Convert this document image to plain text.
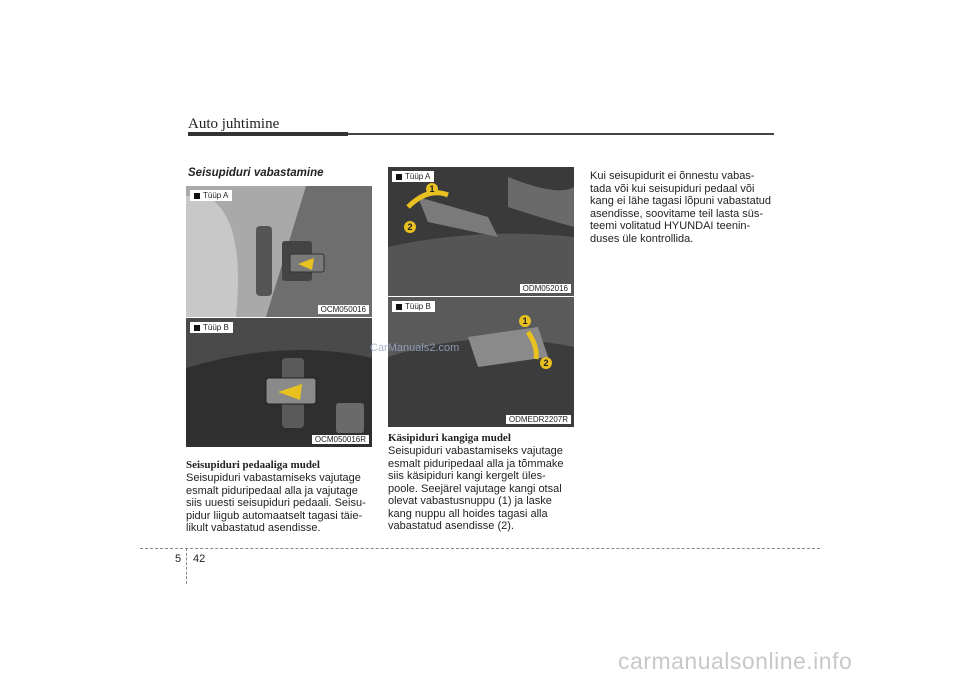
Auto juhtimine
Seisupiduri vabastamine
Tüüp A
OCM050016
Tüüp B
OCM050016R
1
2
Tüüp A
ODM052016
1
2
Tüüp B
ODMEDR2207R
CarManuals2.com
Seisupiduri pedaaliga mudel
Seisupiduri vabastamiseks vajutage
esmalt piduripedaal alla ja vajutage
siis uuesti seisupiduri pedaali. Seisu-
pidur liigub automaatselt tagasi täie-
likult vabastatud asendisse.
Käsipiduri kangiga mudel
Seisupiduri vabastamiseks vajutage
esmalt piduripedaal alla ja tõmmake
siis käsipiduri kangi kergelt üles-
poole. Seejärel vajutage kangi otsal
olevat vabastusnuppu (1) ja laske
kang nuppu all hoides tagasi alla
vabastatud asendisse (2).
Kui seisupidurit ei õnnestu vabas-
tada või kui seisupiduri pedaal või
kang ei lähe tagasi lõpuni vabastatud
asendisse, soovitame teil lasta süs-
teemi volitatud HYUNDAI teenin-
duses üle kontrollida.
5 42
carmanualsonline.info
